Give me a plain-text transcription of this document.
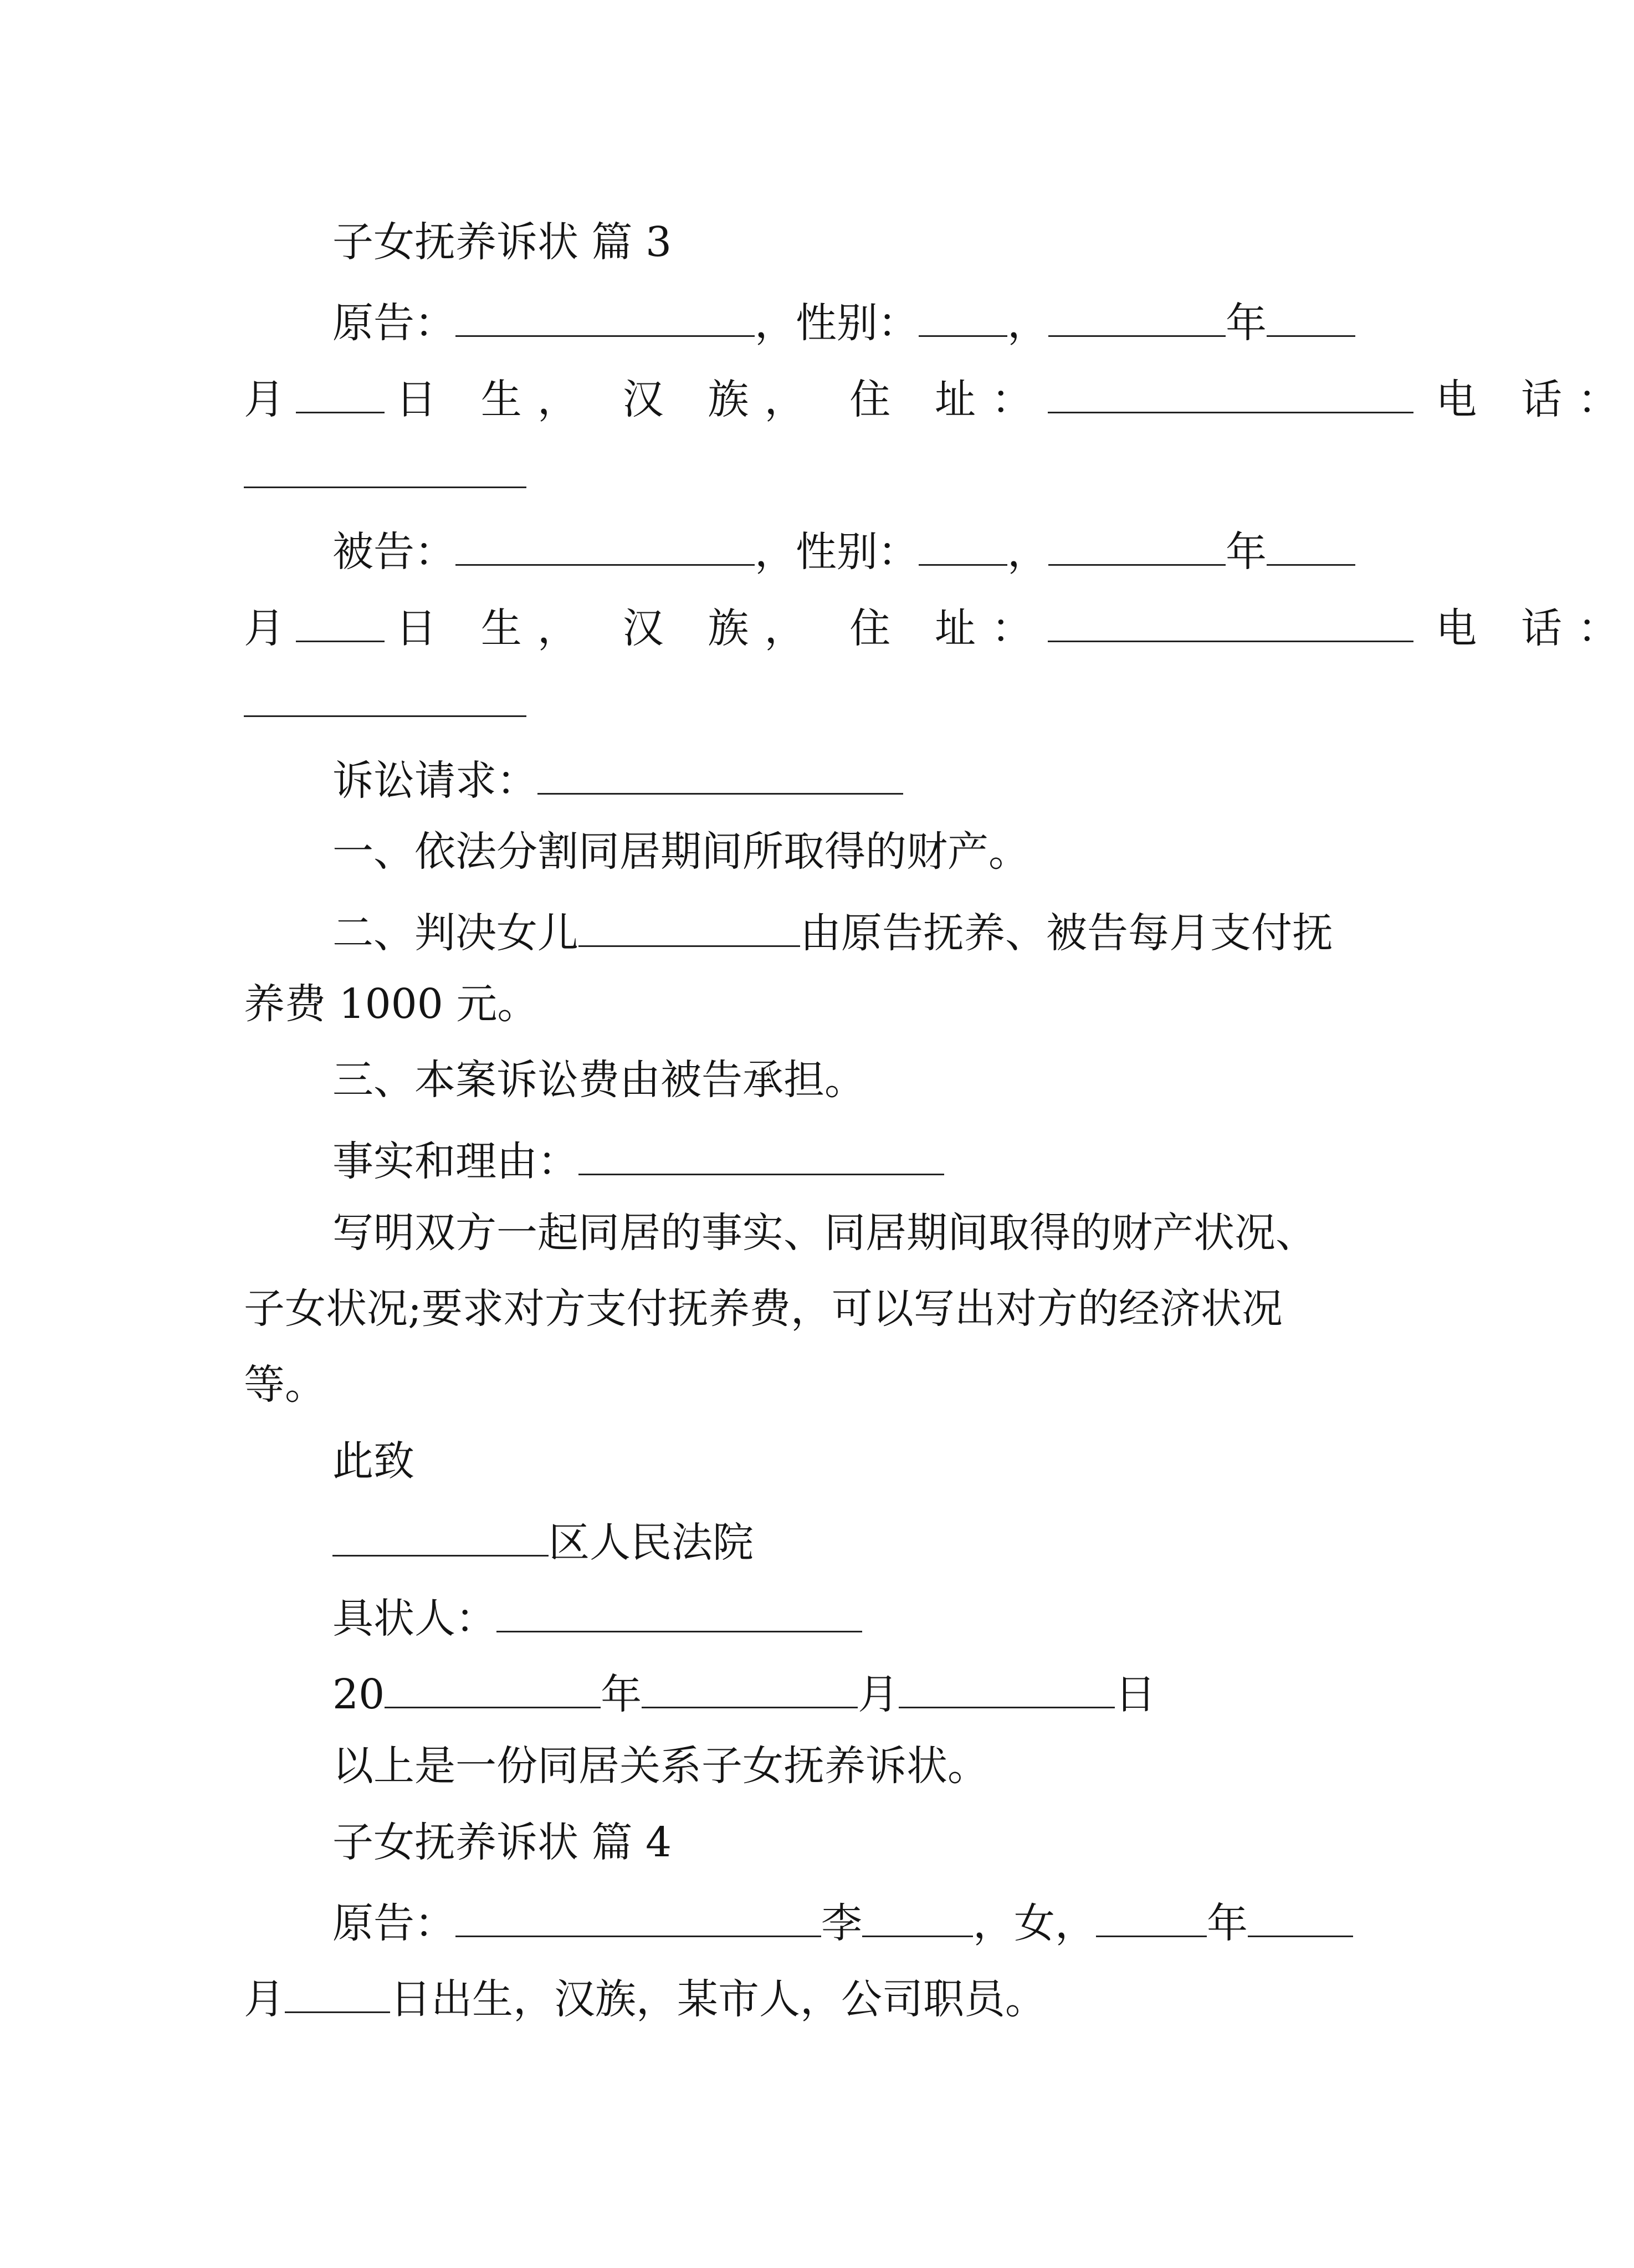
子女抚养诉状 篇 3
原告：	，性别： ，	年
月	日 生， 汉 族， 住 址：	电 话：
被告：	，性别： ，	年
月	日 生， 汉 族， 住 址：	电 话：
诉讼请求：
一、依法分割同居期间所取得的财产。
二、判决女儿	由原告抚养、被告每月支付抚
养费 1000 元。
三、本案诉讼费由被告承担。
事实和理由：
写明双方一起同居的事实、同居期间取得的财产状况、
子女状况;要求对方支付抚养费，可以写出对方的经济状况
等。
此致
区人民法院
具状人：
20	年	月	日
以上是一份同居关系子女抚养诉状。
子女抚养诉状 篇 4
原告：	李	，女，	年
月	日出生，汉族，某市人，公司职员。
